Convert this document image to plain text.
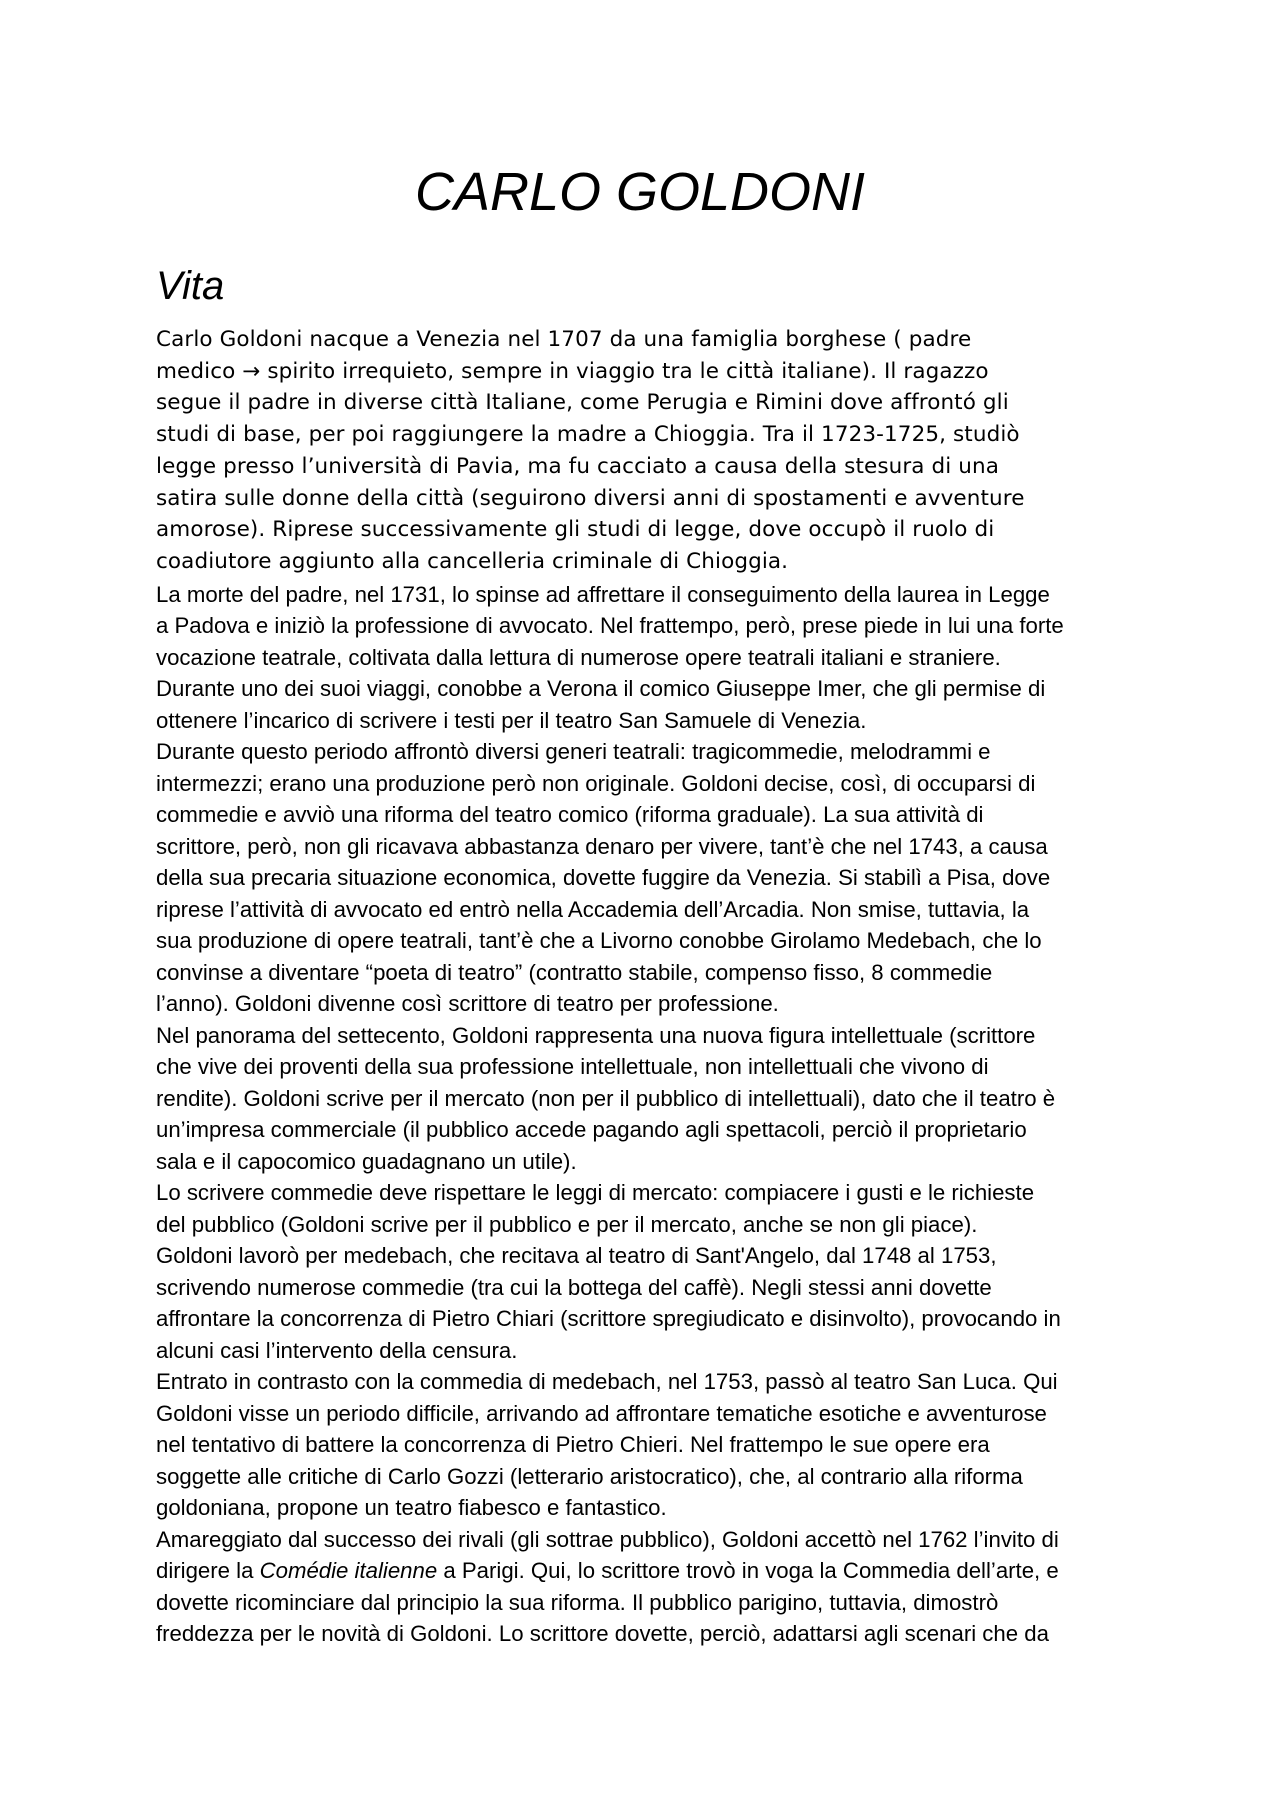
CARLO GOLDONI
Vita
Carlo Goldoni nacque a Venezia nel 1707 da una famiglia borghese ( padre
medico → spirito irrequieto, sempre in viaggio tra le città italiane). Il ragazzo
segue il padre in diverse città Italiane, come Perugia e Rimini dove affrontó gli
studi di base, per poi raggiungere la madre a Chioggia. Tra il 1723-1725, studiò
legge presso l’università di Pavia, ma fu cacciato a causa della stesura di una
satira sulle donne della città (seguirono diversi anni di spostamenti e avventure
amorose). Riprese successivamente gli studi di legge, dove occupò il ruolo di
coadiutore aggiunto alla cancelleria criminale di Chioggia.
La morte del padre, nel 1731, lo spinse ad affrettare il conseguimento della laurea in Legge
a Padova e iniziò la professione di avvocato. Nel frattempo, però, prese piede in lui una forte
vocazione teatrale, coltivata dalla lettura di numerose opere teatrali italiani e straniere.
Durante uno dei suoi viaggi, conobbe a Verona il comico Giuseppe Imer, che gli permise di
ottenere l’incarico di scrivere i testi per il teatro San Samuele di Venezia.
Durante questo periodo affrontò diversi generi teatrali: tragicommedie, melodrammi e
intermezzi; erano una produzione però non originale. Goldoni decise, così, di occuparsi di
commedie e avviò una riforma del teatro comico (riforma graduale). La sua attività di
scrittore, però, non gli ricavava abbastanza denaro per vivere, tant’è che nel 1743, a causa
della sua precaria situazione economica, dovette fuggire da Venezia. Si stabilì a Pisa, dove
riprese l’attività di avvocato ed entrò nella Accademia dell’Arcadia. Non smise, tuttavia, la
sua produzione di opere teatrali, tant’è che a Livorno conobbe Girolamo Medebach, che lo
convinse a diventare “poeta di teatro” (contratto stabile, compenso fisso, 8 commedie
l’anno). Goldoni divenne così scrittore di teatro per professione.
Nel panorama del settecento, Goldoni rappresenta una nuova figura intellettuale (scrittore
che vive dei proventi della sua professione intellettuale, non intellettuali che vivono di
rendite). Goldoni scrive per il mercato (non per il pubblico di intellettuali), dato che il teatro è
un’impresa commerciale (il pubblico accede pagando agli spettacoli, perciò il proprietario
sala e il capocomico guadagnano un utile).
Lo scrivere commedie deve rispettare le leggi di mercato: compiacere i gusti e le richieste
del pubblico (Goldoni scrive per il pubblico e per il mercato, anche se non gli piace).
Goldoni lavorò per medebach, che recitava al teatro di Sant'Angelo, dal 1748 al 1753,
scrivendo numerose commedie (tra cui la bottega del caffè). Negli stessi anni dovette
affrontare la concorrenza di Pietro Chiari (scrittore spregiudicato e disinvolto), provocando in
alcuni casi l’intervento della censura.
Entrato in contrasto con la commedia di medebach, nel 1753, passò al teatro San Luca. Qui
Goldoni visse un periodo difficile, arrivando ad affrontare tematiche esotiche e avventurose
nel tentativo di battere la concorrenza di Pietro Chieri. Nel frattempo le sue opere era
soggette alle critiche di Carlo Gozzi (letterario aristocratico), che, al contrario alla riforma
goldoniana, propone un teatro fiabesco e fantastico.
Amareggiato dal successo dei rivali (gli sottrae pubblico), Goldoni accettò nel 1762 l’invito di
dirigere la Comédie italienne a Parigi. Qui, lo scrittore trovò in voga la Commedia dell’arte, e
dovette ricominciare dal principio la sua riforma. Il pubblico parigino, tuttavia, dimostrò
freddezza per le novità di Goldoni. Lo scrittore dovette, perciò, adattarsi agli scenari che da
